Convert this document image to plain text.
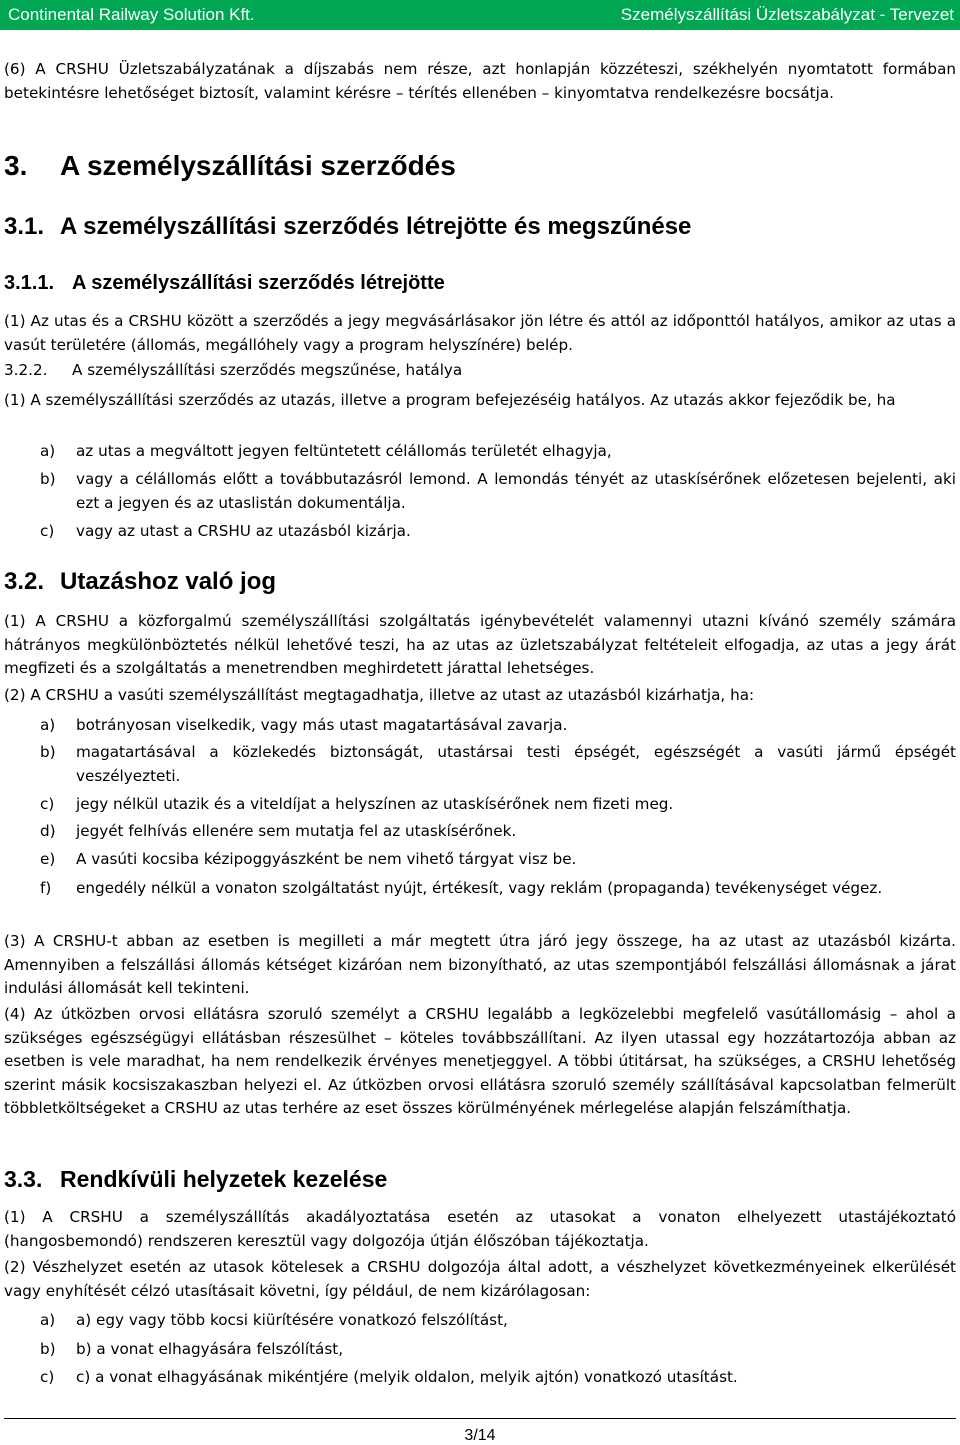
Continental Railway Solution Kft.	Személyszállítási Üzletszabályzat - Tervezet

(6) A CRSHU Üzletszabályzatának a díjszabás nem része, azt honlapján közzéteszi, székhelyén nyomtatott formában betekintésre lehetőséget biztosít, valamint kérésre – térítés ellenében – kinyomtatva rendelkezésre bocsátja.

3. A személyszállítási szerződés
3.1. A személyszállítási szerződés létrejötte és megszűnése
3.1.1. A személyszállítási szerződés létrejötte

(1) Az utas és a CRSHU között a szerződés a jegy megvásárlásakor jön létre és attól az időponttól hatályos, amikor az utas a vasút területére (állomás, megállóhely vagy a program helyszínére) belép.

3.2.2. A személyszállítási szerződés megszűnése, hatálya

(1) A személyszállítási szerződés az utazás, illetve a program befejezéséig hatályos. Az utazás akkor fejeződik be, ha

a) az utas a megváltott jegyen feltüntetett célállomás területét elhagyja,
b) vagy a célállomás előtt a továbbutazásról lemond. A lemondás tényét az utaskísérőnek előzetesen bejelenti, aki ezt a jegyen és az utaslistán dokumentálja.
c) vagy az utast a CRSHU az utazásból kizárja.
3.2. Utazáshoz való jog

(1) A CRSHU a közforgalmú személyszállítási szolgáltatás igénybevételét valamennyi utazni kívánó személy számára hátrányos megkülönböztetés nélkül lehetővé teszi, ha az utas az üzletszabályzat feltételeit elfogadja, az utas a jegy árát megfizeti és a szolgáltatás a menetrendben meghirdetett járattal lehetséges.

(2) A CRSHU a vasúti személyszállítást megtagadhatja, illetve az utast az utazásból kizárhatja, ha:

a) botrányosan viselkedik, vagy más utast magatartásával zavarja.
b) magatartásával a közlekedés biztonságát, utastársai testi épségét, egészségét a vasúti jármű épségét veszélyezteti.
c) jegy nélkül utazik és a viteldíjat a helyszínen az utaskísérőnek nem fizeti meg.
d) jegyét felhívás ellenére sem mutatja fel az utaskísérőnek.
e) A vasúti kocsiba kézipoggyászként be nem vihető tárgyat visz be.
f) engedély nélkül a vonaton szolgáltatást nyújt, értékesít, vagy reklám (propaganda) tevékenységet végez.

(3) A CRSHU-t abban az esetben is megilleti a már megtett útra járó jegy összege, ha az utast az utazásból kizárta. Amennyiben a felszállási állomás kétséget kizáróan nem bizonyítható, az utas szempontjából felszállási állomásnak a járat indulási állomását kell tekinteni.

(4) Az útközben orvosi ellátásra szoruló személyt a CRSHU legalább a legközelebbi megfelelő vasútállomásig – ahol a szükséges egészségügyi ellátásban részesülhet – köteles továbbszállítani. Az ilyen utassal egy hozzátartozója abban az esetben is vele maradhat, ha nem rendelkezik érvényes menetjeggyel. A többi útitársat, ha szükséges, a CRSHU lehetőség szerint másik kocsiszakaszban helyezi el. Az útközben orvosi ellátásra szoruló személy szállításával kapcsolatban felmerült többletköltségeket a CRSHU az utas terhére az eset összes körülményének mérlegelése alapján felszámíthatja.

3.3. Rendkívüli helyzetek kezelése

(1) A CRSHU a személyszállítás akadályoztatása esetén az utasokat a vonaton elhelyezett utastájékoztató (hangosbemondó) rendszeren keresztül vagy dolgozója útján élőszóban tájékoztatja.

(2) Vészhelyzet esetén az utasok kötelesek a CRSHU dolgozója által adott, a vészhelyzet következményeinek elkerülését vagy enyhítését célzó utasításait követni, így például, de nem kizárólagosan:

a) a) egy vagy több kocsi kiürítésére vonatkozó felszólítást,
b) b) a vonat elhagyására felszólítást,
c) c) a vonat elhagyásának mikéntjére (melyik oldalon, melyik ajtón) vonatkozó utasítást.
3/14
